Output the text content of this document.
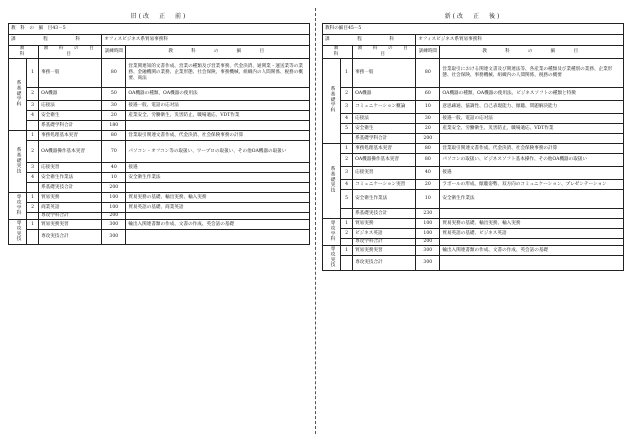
旧(改　正　前)
教　科　の　細　目43－5				
課　　　　　　程　　　　　　科			オフィスビジネス系貿易事務科	
教　　科		教　科　の　目　目	訓練時間	教　　科　　の　　細　　目
系基礎学科	1	事務一般	80	営業関連知的文書作成、営業の種類及び営業事務、代金決済、通関業・運送業等の業務、金融機関の業務、企業形態、社会保険、事務機械、組織内の人間関係、税務の概要、商法
	2	OA機器	50	OA機器の種類、OA機器の使用法
	3	応接法	30	接遇一般、電話の応対法
	4	安全衛生	20	産業安全、労働衛生、災害防止、職場適応、VDT作業
		系基礎学科合計	180	
系基礎実技	1	事務処理基本実習	80	営業取引関連文書作成、代金決済、社会保険事務の計算
	2	OA機器操作基本実習	70	パソコン・オフコン等の取扱い、ワープロの取扱い、その他OA機器の取扱い
	3	応接実習	40	接遇
	4	安全衛生作業法	10	安全衛生作業法
		系基礎実技合計	200	
専攻学科	1	貿易実務	100	貿易実務の基礎、輸出実務、輸入実務
	2	商業英語	100	貿易英語の基礎、商業英語
		専攻学科合計	200	
専攻実技	1	貿易実務実習	300	輸出入関連書類の作成、文書の作成、英会話の基礎
		専攻実技合計	300	
新(改　正　後)
教科の細目45－5				
課　　　　　　程　　　　　　科			オフィスビジネス系貿易事務科	
教　　科		教　科　の　目　目	訓練時間	教　　科　　の　　細　　目
系基礎学科	1	事務一般	80	営業取引における関連文書及び関連法等、各産業の種類及び業種別の業務、企業形態、社会保険、事務機械、組織内の人間関係、税務の概要
	2	OA機器	60	OA機器の種類、OA機器の使用法、ビジネスソフトの種類と特徴
	3	コミュニケーション概論	10	意思疎通、協調性、自己表現能力、傾聴、問題解決能力
	4	応接法	30	接遇一般、電話の応対法
	5	安全衛生	20	産業安全、労働衛生、災害防止、職場適応、VDT作業
		系基礎学科合計	200	
系基礎実技	1	事務処理基本実習	80	営業取引関連文書作成、代金決済、社会保険事務の計算
	2	OA機器操作基本実習	80	パソコンの取扱い、ビジネスソフト基本操作、その他OA機器の取扱い
	3	応接実習	40	接遇
	4	コミュニケーション実習	20	ラポールの形成、傾聴姿勢、双方向のコミュニケーション、プレゼンテーション
	5	安全衛生作業法	10	安全衛生作業法
		系基礎実技合計	230	
専攻学科	1	貿易実務	100	貿易実務の基礎、輸出実務、輸入実務
	2	ビジネス英語	100	貿易英語の基礎、ビジネス英語
		専攻学科合計	200	
専攻実技	1	貿易実務実習	300	輸出入関連書類の作成、文書の作成、英会話の基礎
		専攻実技合計	300	
